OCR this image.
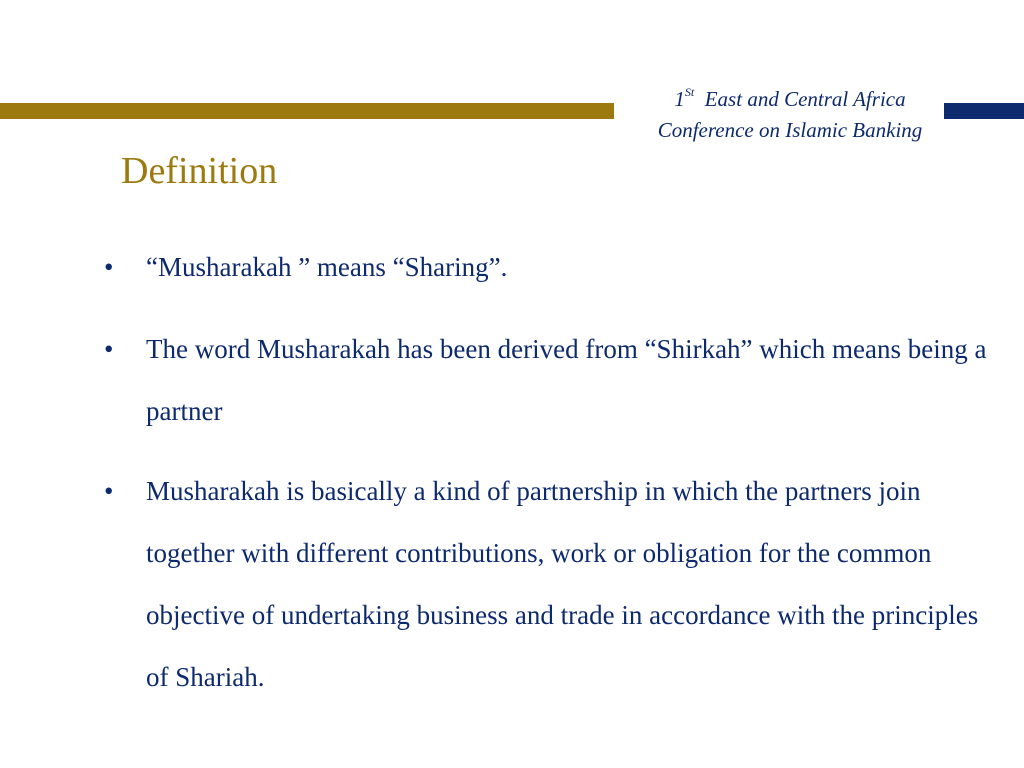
1St East and Central Africa
Conference on Islamic Banking
Definition
•	“Musharakah ” means “Sharing”.
•	The word Musharakah has been derived from “Shirkah” which means being a partner
•	Musharakah is basically a kind of partnership in which the partners join together with different contributions, work or obligation for the common objective of undertaking business and trade in accordance with the principles of Shariah.
